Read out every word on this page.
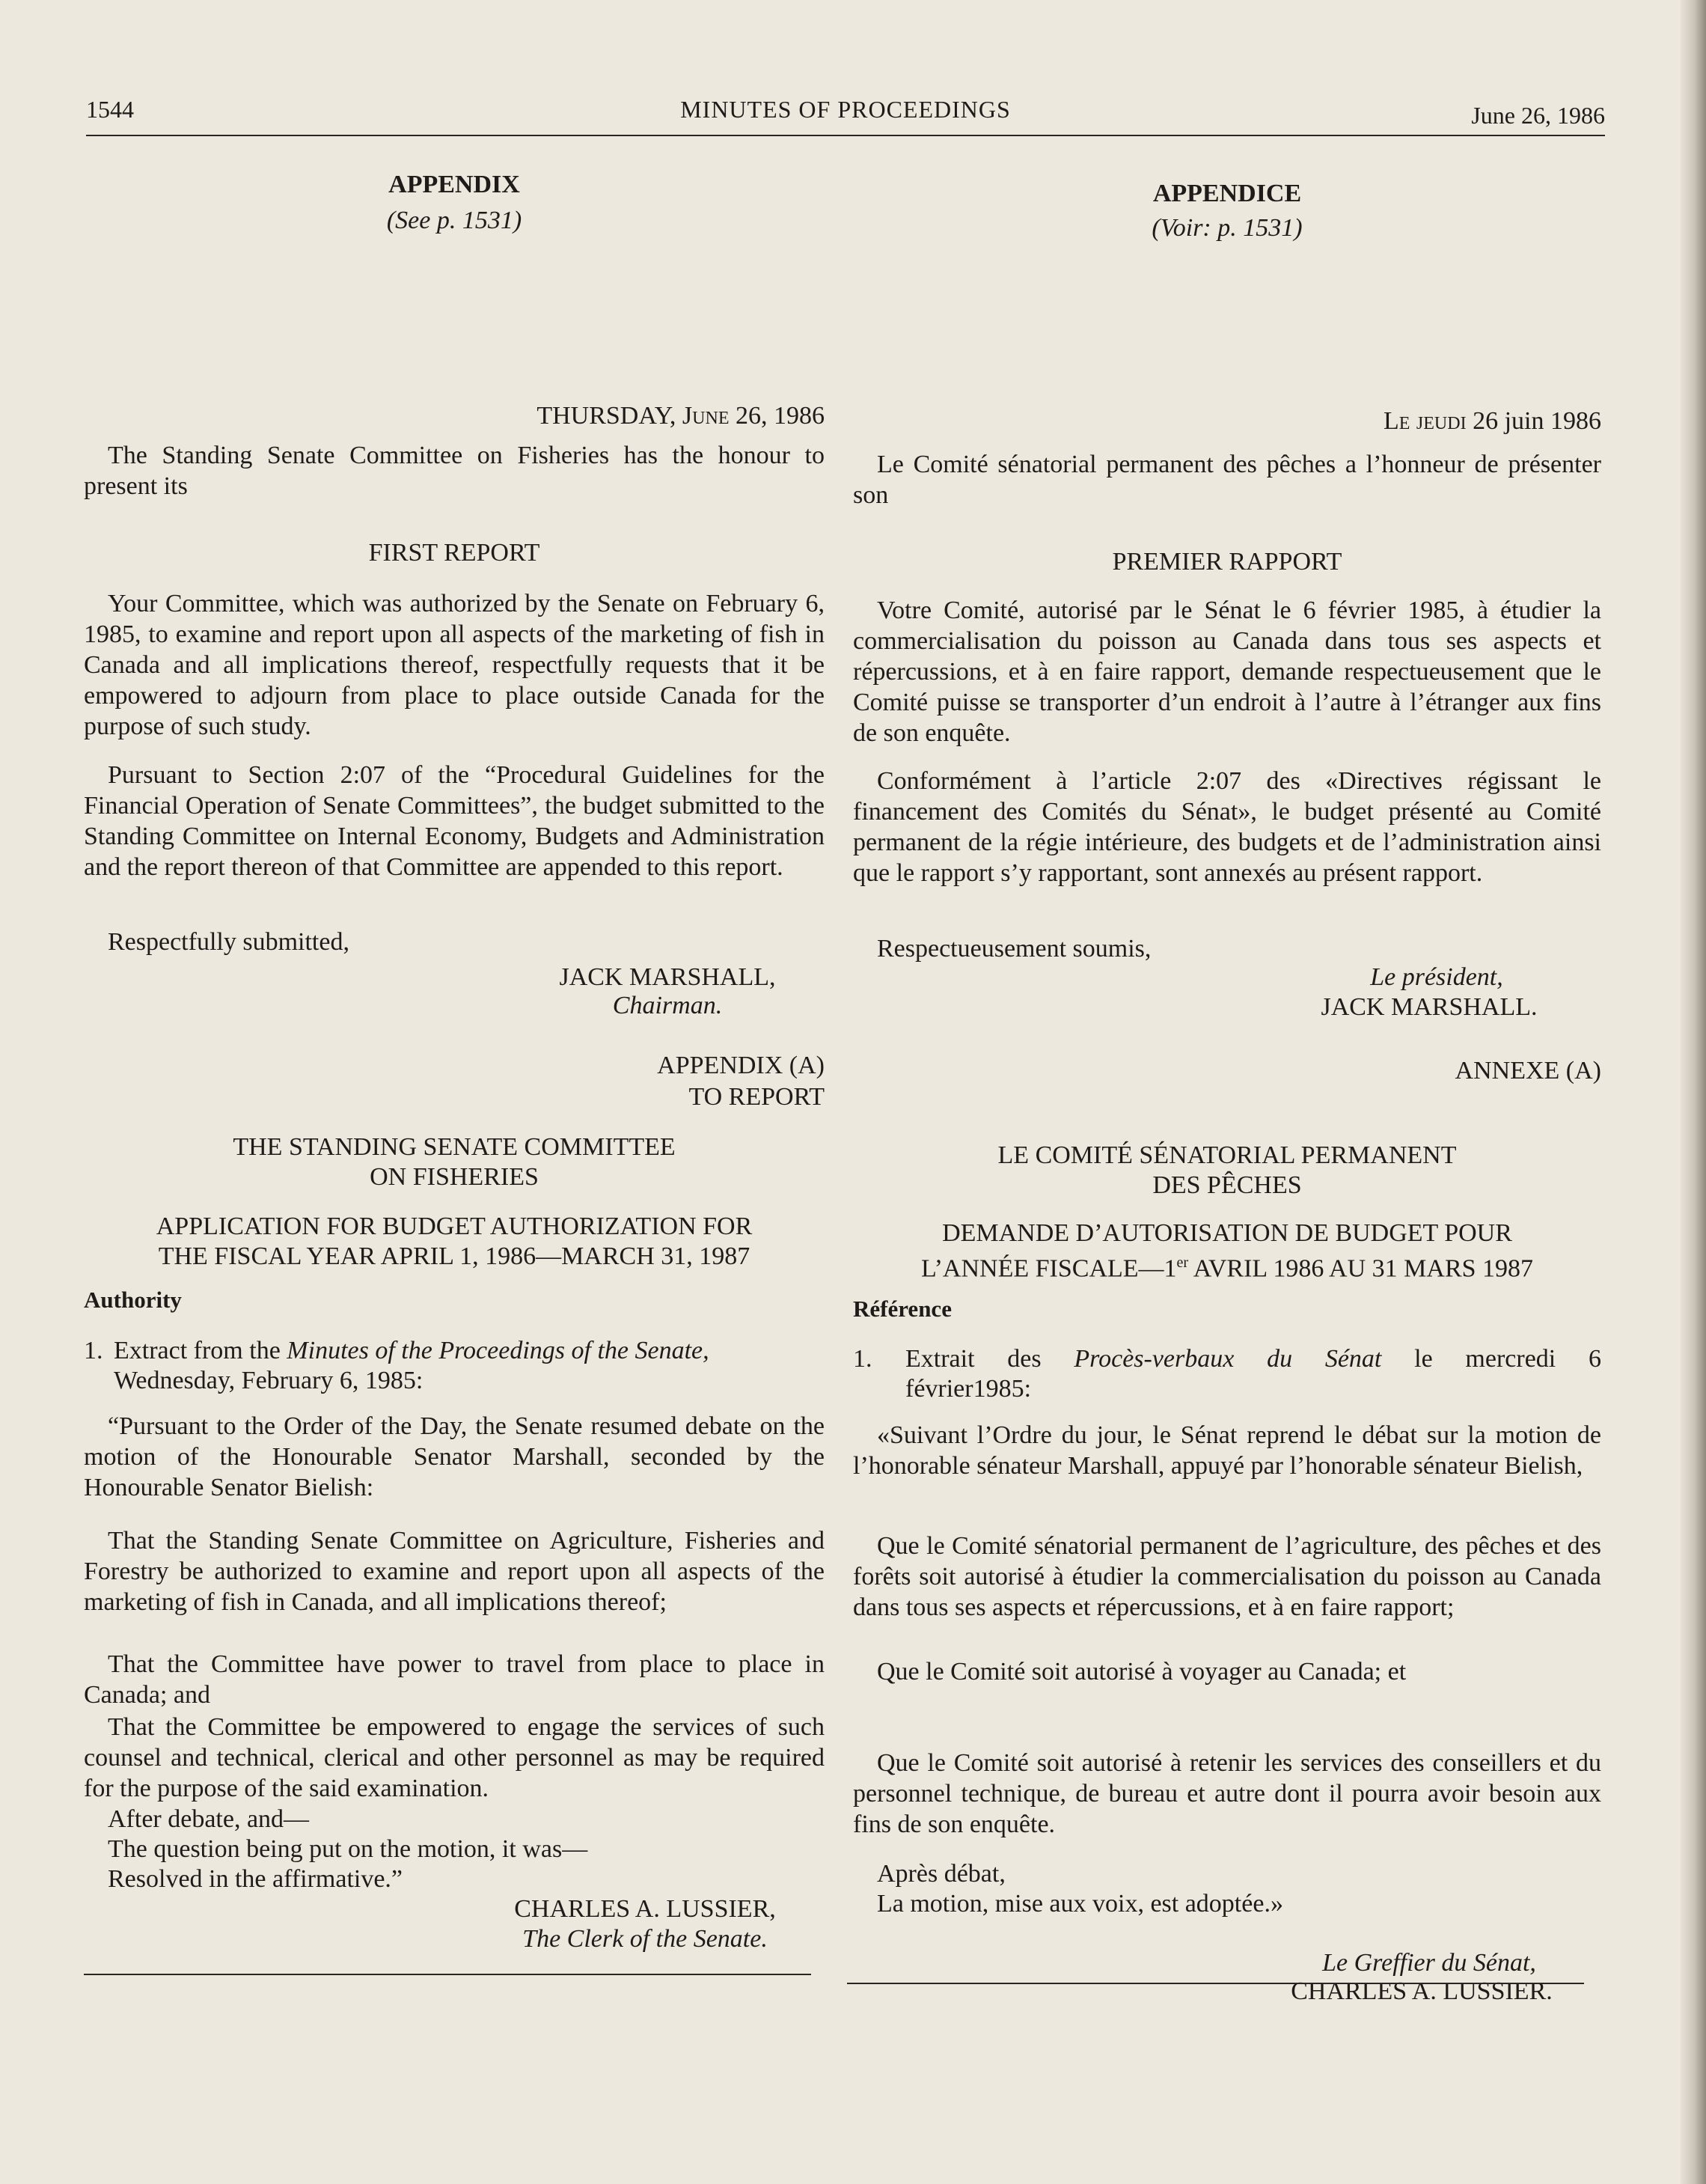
1544	MINUTES OF PROCEEDINGS	June 26, 1986
APPENDIX
(See p. 1531)
THURSDAY, June 26, 1986

The Standing Senate Committee on Fisheries has the honour to present its

FIRST REPORT

Your Committee, which was authorized by the Senate on February 6, 1985, to examine and report upon all aspects of the marketing of fish in Canada and all implications thereof, respectfully requests that it be empowered to adjourn from place to place outside Canada for the purpose of such study.

Pursuant to Section 2:07 of the “Procedural Guidelines for the Financial Operation of Senate Committees”, the budget submitted to the Standing Committee on Internal Economy, Budgets and Administration and the report thereon of that Committee are appended to this report.

Respectfully submitted,
JACK MARSHALL,
Chairman.
APPENDIX (A)
TO REPORT
THE STANDING SENATE COMMITTEE
ON FISHERIES
APPLICATION FOR BUDGET AUTHORIZATION FOR
THE FISCAL YEAR APRIL 1, 1986—MARCH 31, 1987
Authority
1. Extract from the Minutes of the Proceedings of the Senate,
Wednesday, February 6, 1985:

“Pursuant to the Order of the Day, the Senate resumed debate on the motion of the Honourable Senator Marshall, seconded by the Honourable Senator Bielish:

That the Standing Senate Committee on Agriculture, Fisheries and Forestry be authorized to examine and report upon all aspects of the marketing of fish in Canada, and all implications thereof;

That the Committee have power to travel from place to place in Canada; and

That the Committee be empowered to engage the services of such counsel and technical, clerical and other personnel as may be required for the purpose of the said examination.

After debate, and—
The question being put on the motion, it was—
Resolved in the affirmative.”
CHARLES A. LUSSIER,
The Clerk of the Senate.
APPENDICE
(Voir: p. 1531)
Le jeudi 26 juin 1986

Le Comité sénatorial permanent des pêches a l’honneur de présenter son

PREMIER RAPPORT

Votre Comité, autorisé par le Sénat le 6 février 1985, à étudier la commercialisation du poisson au Canada dans tous ses aspects et répercussions, et à en faire rapport, demande respectueusement que le Comité puisse se transporter d’un endroit à l’autre à l’étranger aux fins de son enquête.

Conformément à l’article 2:07 des «Directives régissant le financement des Comités du Sénat», le budget présenté au Comité permanent de la régie intérieure, des budgets et de l’administration ainsi que le rapport s’y rapportant, sont annexés au présent rapport.

Respectueusement soumis,
Le président,
JACK MARSHALL.
ANNEXE (A)
LE COMITÉ SÉNATORIAL PERMANENT
DES PÊCHES
DEMANDE D’AUTORISATION DE BUDGET POUR
L’ANNÉE FISCALE—1er AVRIL 1986 AU 31 MARS 1987
Référence
1. Extrait des Procès-verbaux du Sénat le mercredi 6
février1985:

«Suivant l’Ordre du jour, le Sénat reprend le débat sur la motion de l’honorable sénateur Marshall, appuyé par l’honorable sénateur Bielish,

Que le Comité sénatorial permanent de l’agriculture, des pêches et des forêts soit autorisé à étudier la commercialisation du poisson au Canada dans tous ses aspects et répercussions, et à en faire rapport;

Que le Comité soit autorisé à voyager au Canada; et

Que le Comité soit autorisé à retenir les services des conseillers et du personnel technique, de bureau et autre dont il pourra avoir besoin aux fins de son enquête.

Après débat,
La motion, mise aux voix, est adoptée.»
Le Greffier du Sénat,
CHARLES A. LUSSIER.
